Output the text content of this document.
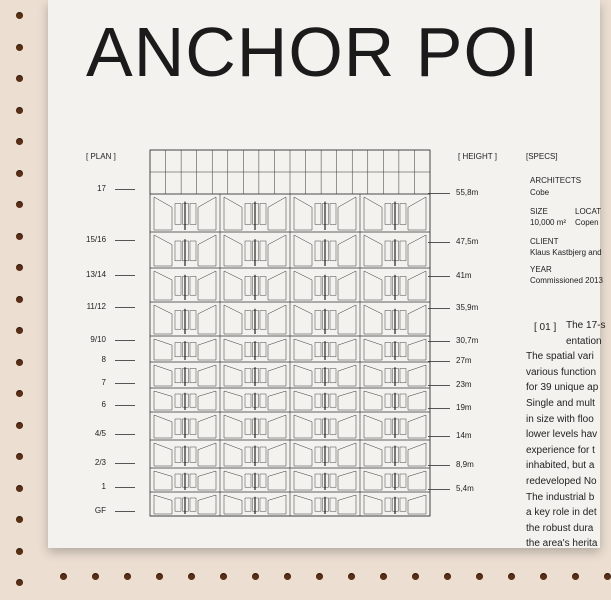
ANCHOR POI
[ PLAN ]
17
15/16
13/14
11/12
9/10
8
7
6
4/5
2/3
1
GF
[ HEIGHT ]
55,8m
47,5m
41m
35,9m
30,7m
27m
23m
19m
14m
8,9m
5,4m
[SPECS]
ARCHITECTS
Cobe
SIZE
10,000 m²
LOCAT
Copen
CLIENT
Klaus Kastbjerg and
YEAR
Commissioned 2013
[ 01 ] The 17-s
entation
The spatial vari
various function
for 39 unique ap
Single and mult
in size with floo
lower levels hav
experience for t
inhabited, but a
redeveloped No
The industrial b
a key role in det
the robust dura
the area's herita
